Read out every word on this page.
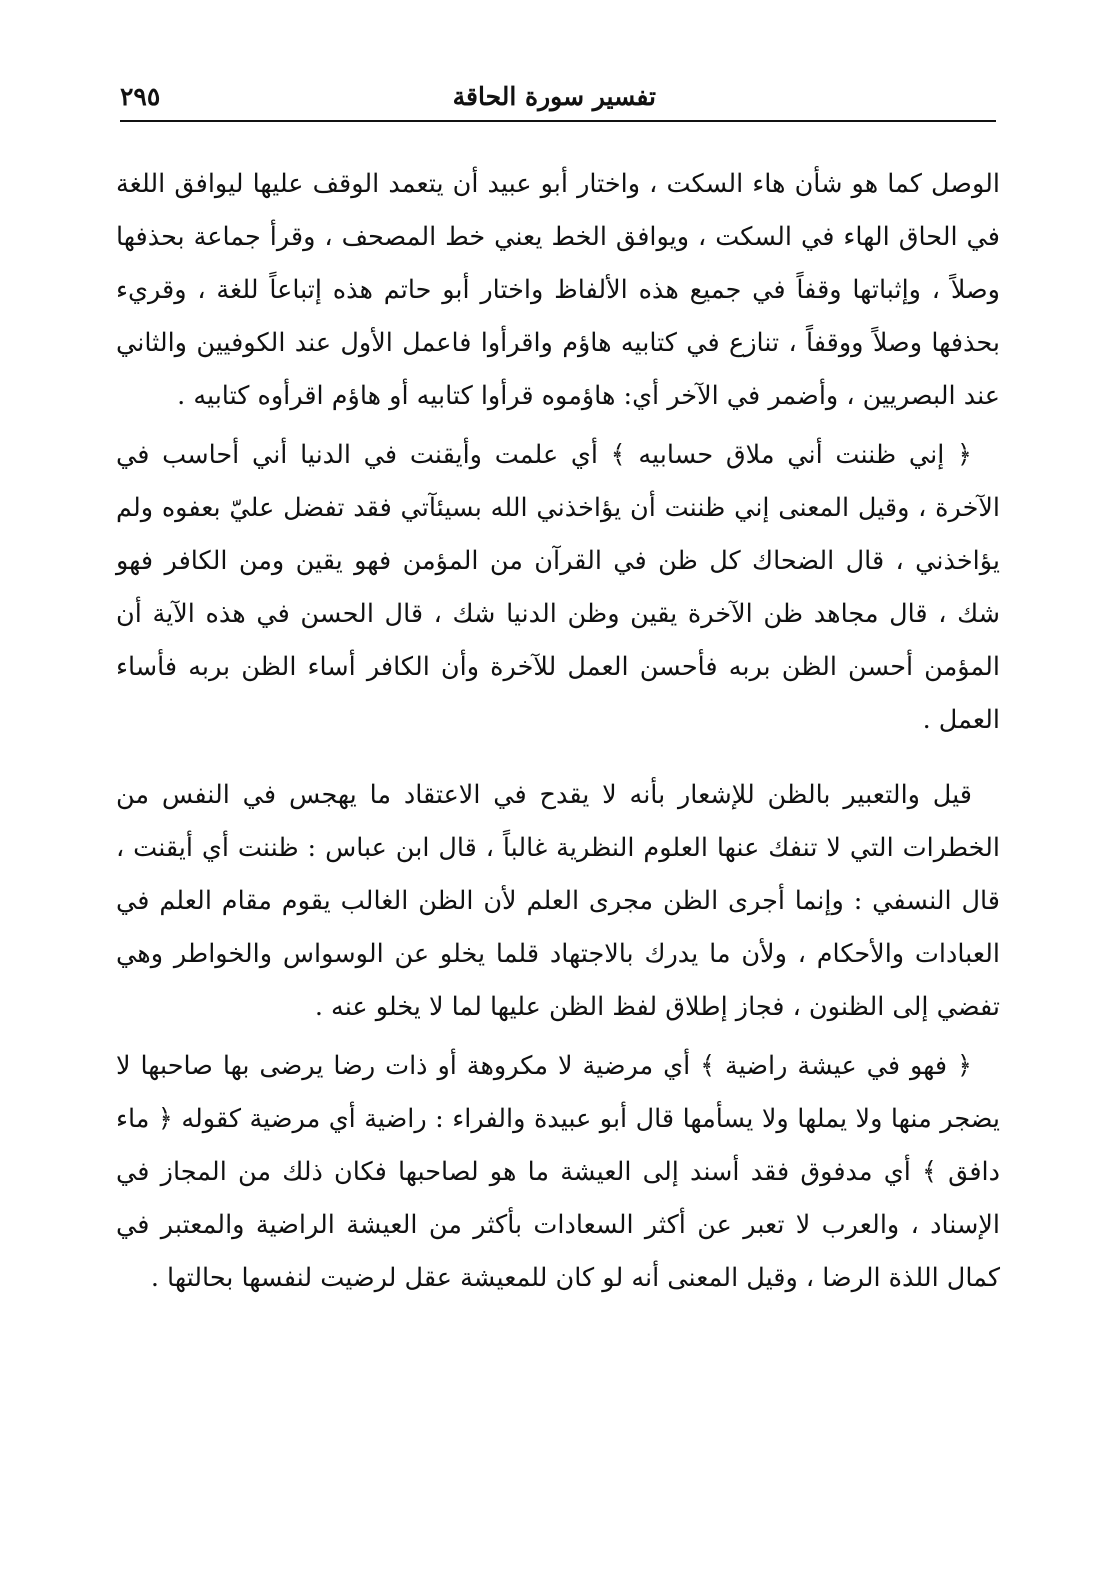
تفسير سورة الحاقة
٢٩٥

الوصل كما هو شأن هاء السكت ، واختار أبو عبيد أن يتعمد الوقف عليها ليوافق اللغة في الحاق الهاء في السكت ، ويوافق الخط يعني خط المصحف ، وقرأ جماعة بحذفها وصلاً ، وإثباتها وقفاً في جميع هذه الألفاظ واختار أبو حاتم هذه إتباعاً للغة ، وقريء بحذفها وصلاً ووقفاً ، تنازع في كتابيه هاؤم واقرأوا فاعمل الأول عند الكوفيين والثاني عند البصريين ، وأضمر في الآخر أي: هاؤموه قرأوا كتابيه أو هاؤم اقرأوه كتابيه .

﴿ إني ظننت أني ملاق حسابيه ﴾ أي علمت وأيقنت في الدنيا أني أحاسب في الآخرة ، وقيل المعنى إني ظننت أن يؤاخذني الله بسيئآتي فقد تفضل عليّ بعفوه ولم يؤاخذني ، قال الضحاك كل ظن في القرآن من المؤمن فهو يقين ومن الكافر فهو شك ، قال مجاهد ظن الآخرة يقين وظن الدنيا شك ، قال الحسن في هذه الآية أن المؤمن أحسن الظن بربه فأحسن العمل للآخرة وأن الكافر أساء الظن بربه فأساء العمل .

قيل والتعبير بالظن للإشعار بأنه لا يقدح في الاعتقاد ما يهجس في النفس من الخطرات التي لا تنفك عنها العلوم النظرية غالباً ، قال ابن عباس : ظننت أي أيقنت ، قال النسفي : وإنما أجرى الظن مجرى العلم لأن الظن الغالب يقوم مقام العلم في العبادات والأحكام ، ولأن ما يدرك بالاجتهاد قلما يخلو عن الوسواس والخواطر وهي تفضي إلى الظنون ، فجاز إطلاق لفظ الظن عليها لما لا يخلو عنه .

﴿ فهو في عيشة راضية ﴾ أي مرضية لا مكروهة أو ذات رضا يرضى بها صاحبها لا يضجر منها ولا يملها ولا يسأمها قال أبو عبيدة والفراء : راضية أي مرضية كقوله ﴿ ماء دافق ﴾ أي مدفوق فقد أسند إلى العيشة ما هو لصاحبها فكان ذلك من المجاز في الإسناد ، والعرب لا تعبر عن أكثر السعادات بأكثر من العيشة الراضية والمعتبر في كمال اللذة الرضا ، وقيل المعنى أنه لو كان للمعيشة عقل لرضيت لنفسها بحالتها .
